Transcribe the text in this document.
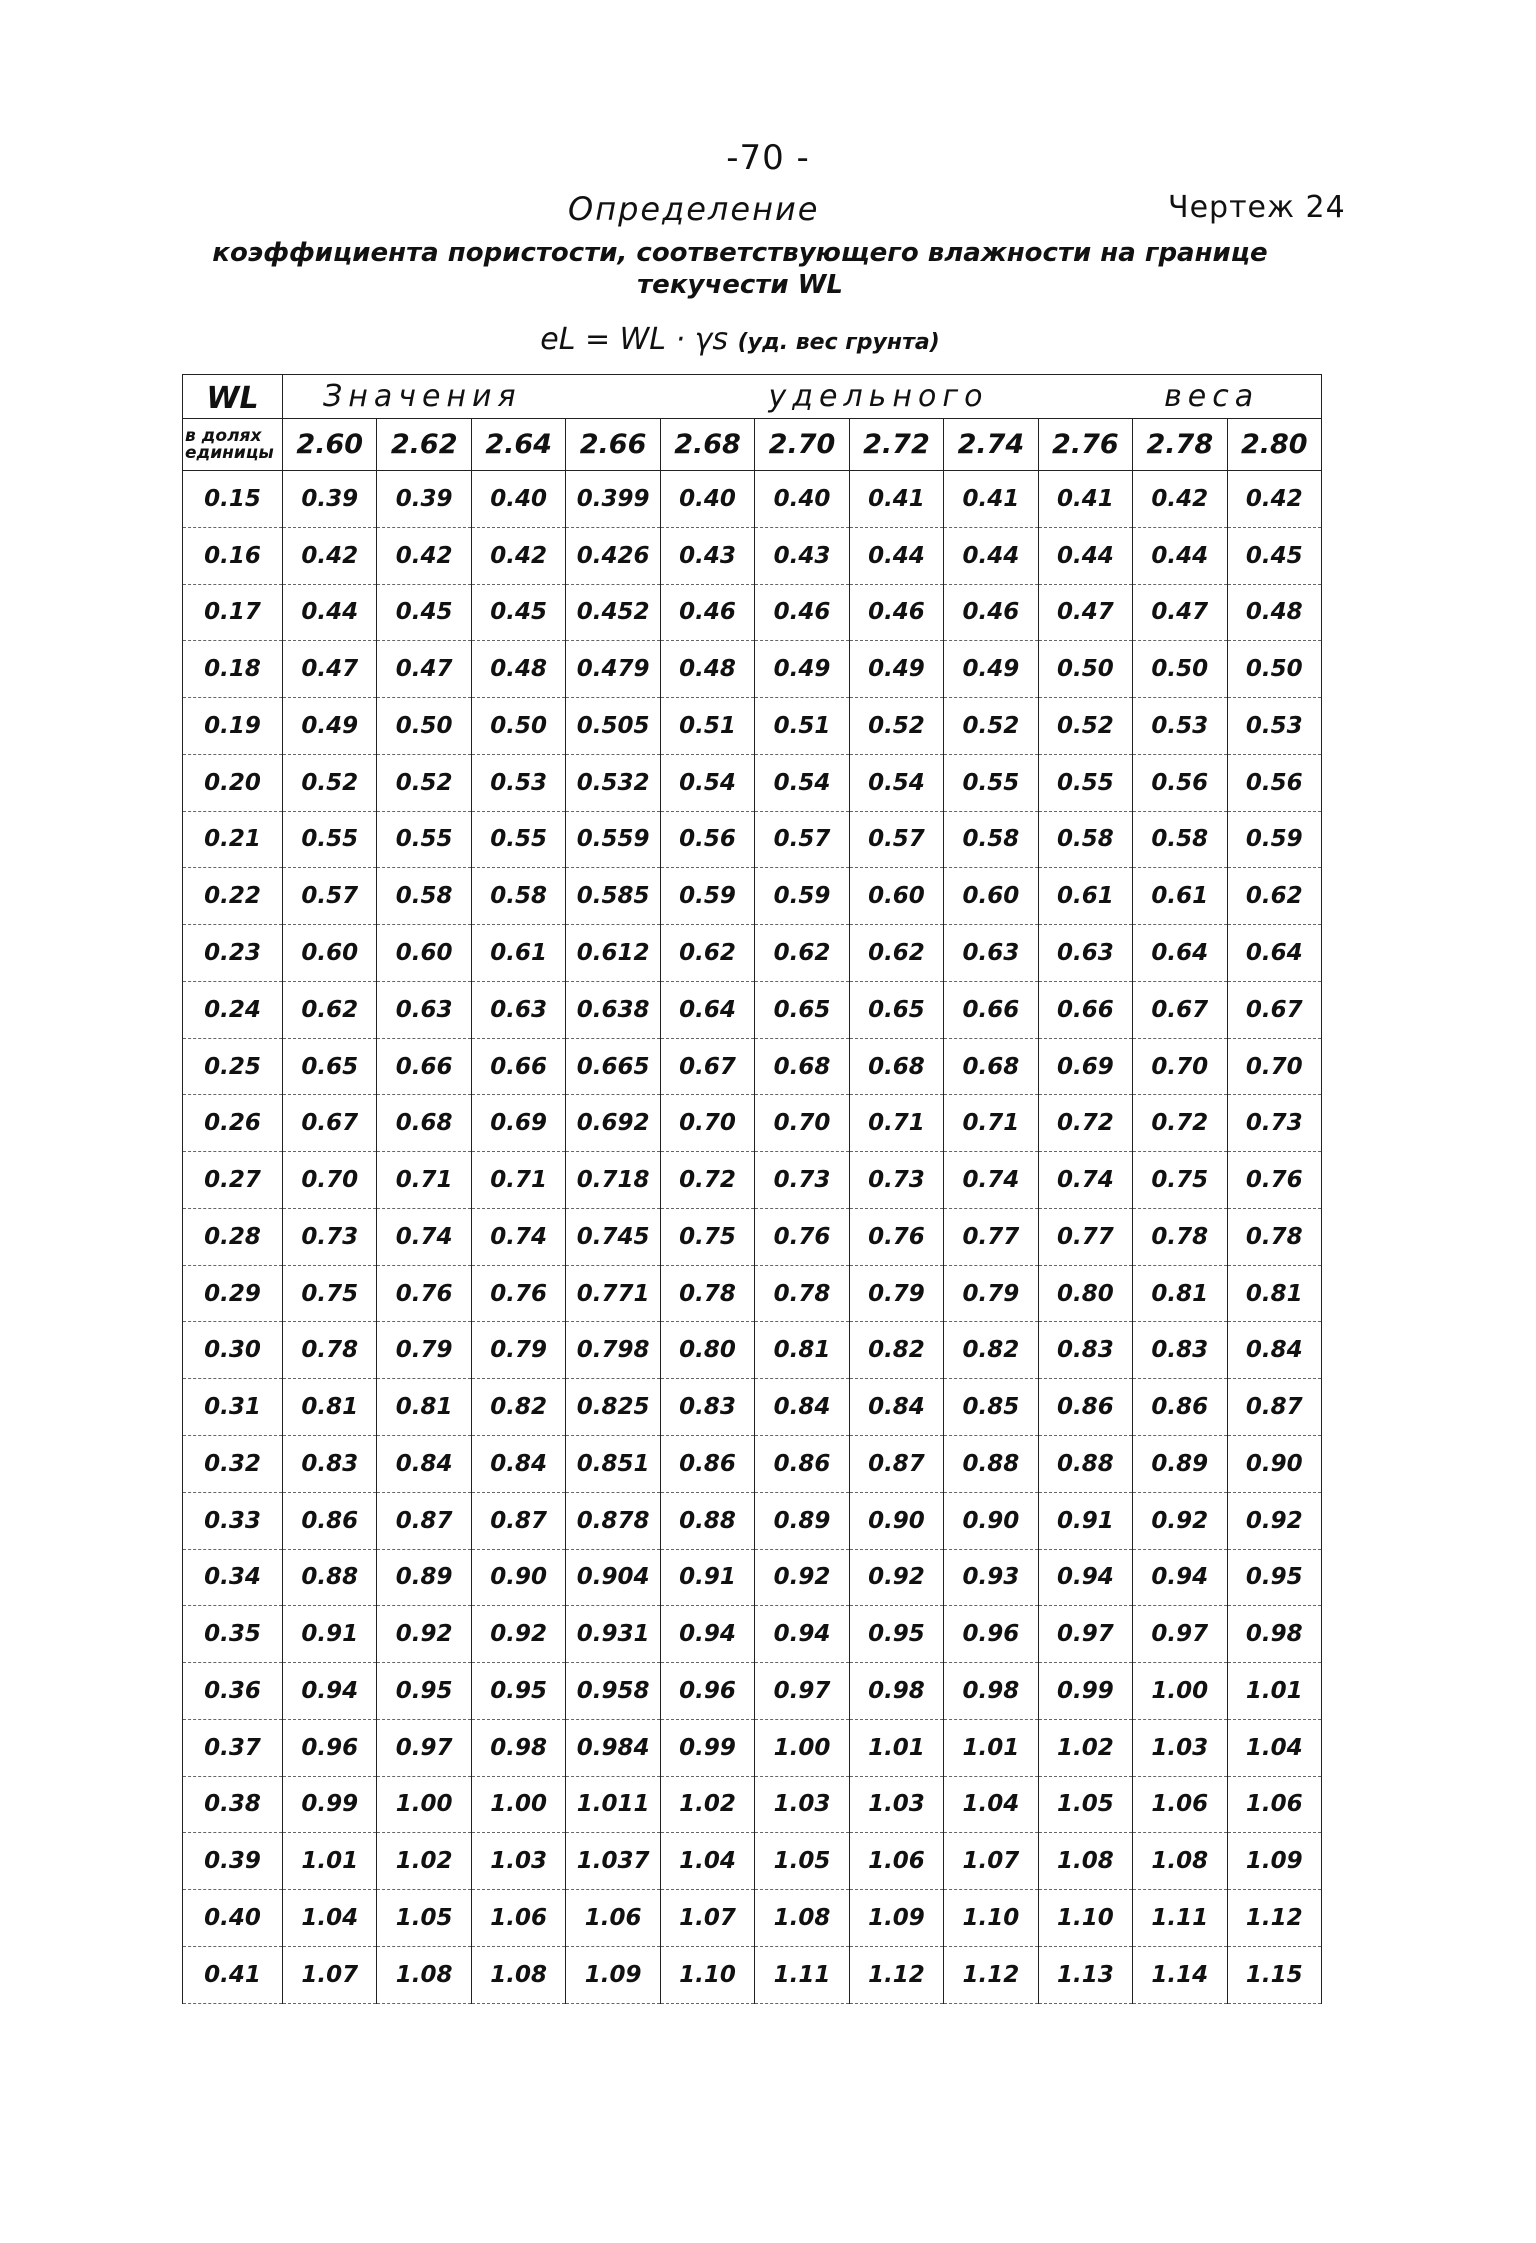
-70 -
Определение	Чертеж 24
коэффициента пористости, соответствующего влажности на границе
текучести WL
eL = WL · γs (уд. вес грунта)
WL	Значения удельного веса										
в долях единицы	2.60	2.62	2.64	2.66	2.68	2.70	2.72	2.74	2.76	2.78	2.80
0.15	0.39	0.39	0.40	0.399	0.40	0.40	0.41	0.41	0.41	0.42	0.42
0.16	0.42	0.42	0.42	0.426	0.43	0.43	0.44	0.44	0.44	0.44	0.45
0.17	0.44	0.45	0.45	0.452	0.46	0.46	0.46	0.46	0.47	0.47	0.48
0.18	0.47	0.47	0.48	0.479	0.48	0.49	0.49	0.49	0.50	0.50	0.50
0.19	0.49	0.50	0.50	0.505	0.51	0.51	0.52	0.52	0.52	0.53	0.53
0.20	0.52	0.52	0.53	0.532	0.54	0.54	0.54	0.55	0.55	0.56	0.56
0.21	0.55	0.55	0.55	0.559	0.56	0.57	0.57	0.58	0.58	0.58	0.59
0.22	0.57	0.58	0.58	0.585	0.59	0.59	0.60	0.60	0.61	0.61	0.62
0.23	0.60	0.60	0.61	0.612	0.62	0.62	0.62	0.63	0.63	0.64	0.64
0.24	0.62	0.63	0.63	0.638	0.64	0.65	0.65	0.66	0.66	0.67	0.67
0.25	0.65	0.66	0.66	0.665	0.67	0.68	0.68	0.68	0.69	0.70	0.70
0.26	0.67	0.68	0.69	0.692	0.70	0.70	0.71	0.71	0.72	0.72	0.73
0.27	0.70	0.71	0.71	0.718	0.72	0.73	0.73	0.74	0.74	0.75	0.76
0.28	0.73	0.74	0.74	0.745	0.75	0.76	0.76	0.77	0.77	0.78	0.78
0.29	0.75	0.76	0.76	0.771	0.78	0.78	0.79	0.79	0.80	0.81	0.81
0.30	0.78	0.79	0.79	0.798	0.80	0.81	0.82	0.82	0.83	0.83	0.84
0.31	0.81	0.81	0.82	0.825	0.83	0.84	0.84	0.85	0.86	0.86	0.87
0.32	0.83	0.84	0.84	0.851	0.86	0.86	0.87	0.88	0.88	0.89	0.90
0.33	0.86	0.87	0.87	0.878	0.88	0.89	0.90	0.90	0.91	0.92	0.92
0.34	0.88	0.89	0.90	0.904	0.91	0.92	0.92	0.93	0.94	0.94	0.95
0.35	0.91	0.92	0.92	0.931	0.94	0.94	0.95	0.96	0.97	0.97	0.98
0.36	0.94	0.95	0.95	0.958	0.96	0.97	0.98	0.98	0.99	1.00	1.01
0.37	0.96	0.97	0.98	0.984	0.99	1.00	1.01	1.01	1.02	1.03	1.04
0.38	0.99	1.00	1.00	1.011	1.02	1.03	1.03	1.04	1.05	1.06	1.06
0.39	1.01	1.02	1.03	1.037	1.04	1.05	1.06	1.07	1.08	1.08	1.09
0.40	1.04	1.05	1.06	1.06	1.07	1.08	1.09	1.10	1.10	1.11	1.12
0.41	1.07	1.08	1.08	1.09	1.10	1.11	1.12	1.12	1.13	1.14	1.15
